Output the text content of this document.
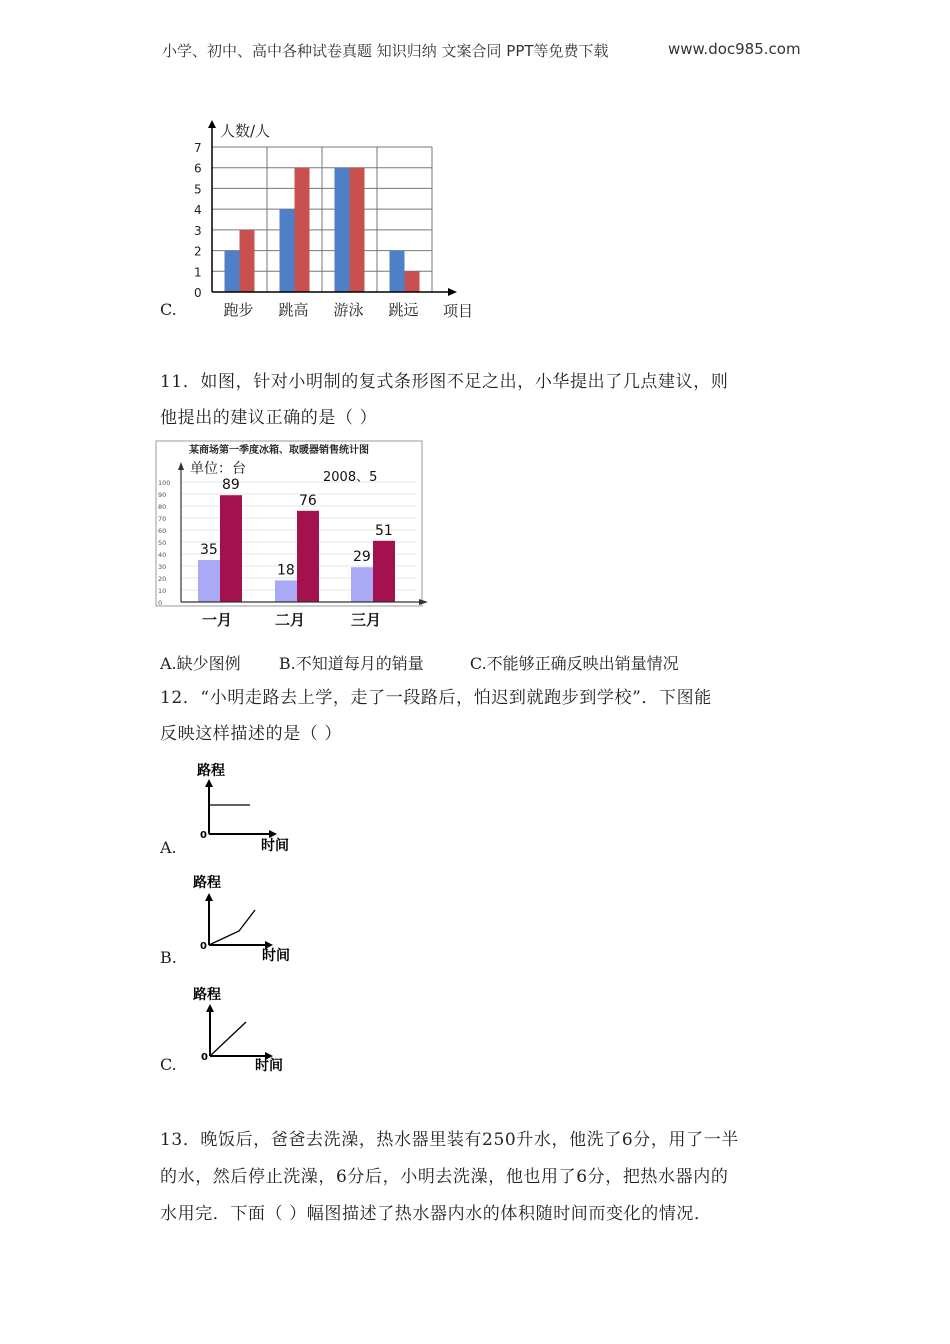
小学、初中、高中各种试卷真题 知识归纳 文案合同 PPT等免费下载	www.doc985.com
C.
人数/人
项目
0
1
2
3
4
5
6
7
跑步 跳高 游泳 跳远
11．如图，针对小明制的复式条形图不足之出，小华提出了几点建议，则
他提出的建议正确的是（ ）
某商场第一季度冰箱、取暖器销售统计图
单位：台
2008、5
0
10
20
30
40
50
60
70
80
90
100
一月	二月	三月
35
89
18
76
29
51
A.缺少图例 B.不知道每月的销量	C.不能够正确反映出销量情况
12．“小明走路去上学，走了一段路后，怕迟到就跑步到学校”．下图能
反映这样描述的是（ ）
A.
路程
时间
0
B.
路程
时间
0
C.
路程
时间
0
13．晚饭后，爸爸去洗澡，热水器里装有250升水，他洗了6分，用了一半
的水，然后停止洗澡，6分后，小明去洗澡，他也用了6分，把热水器内的
水用完．下面（ ）幅图描述了热水器内水的体积随时间而变化的情况．
